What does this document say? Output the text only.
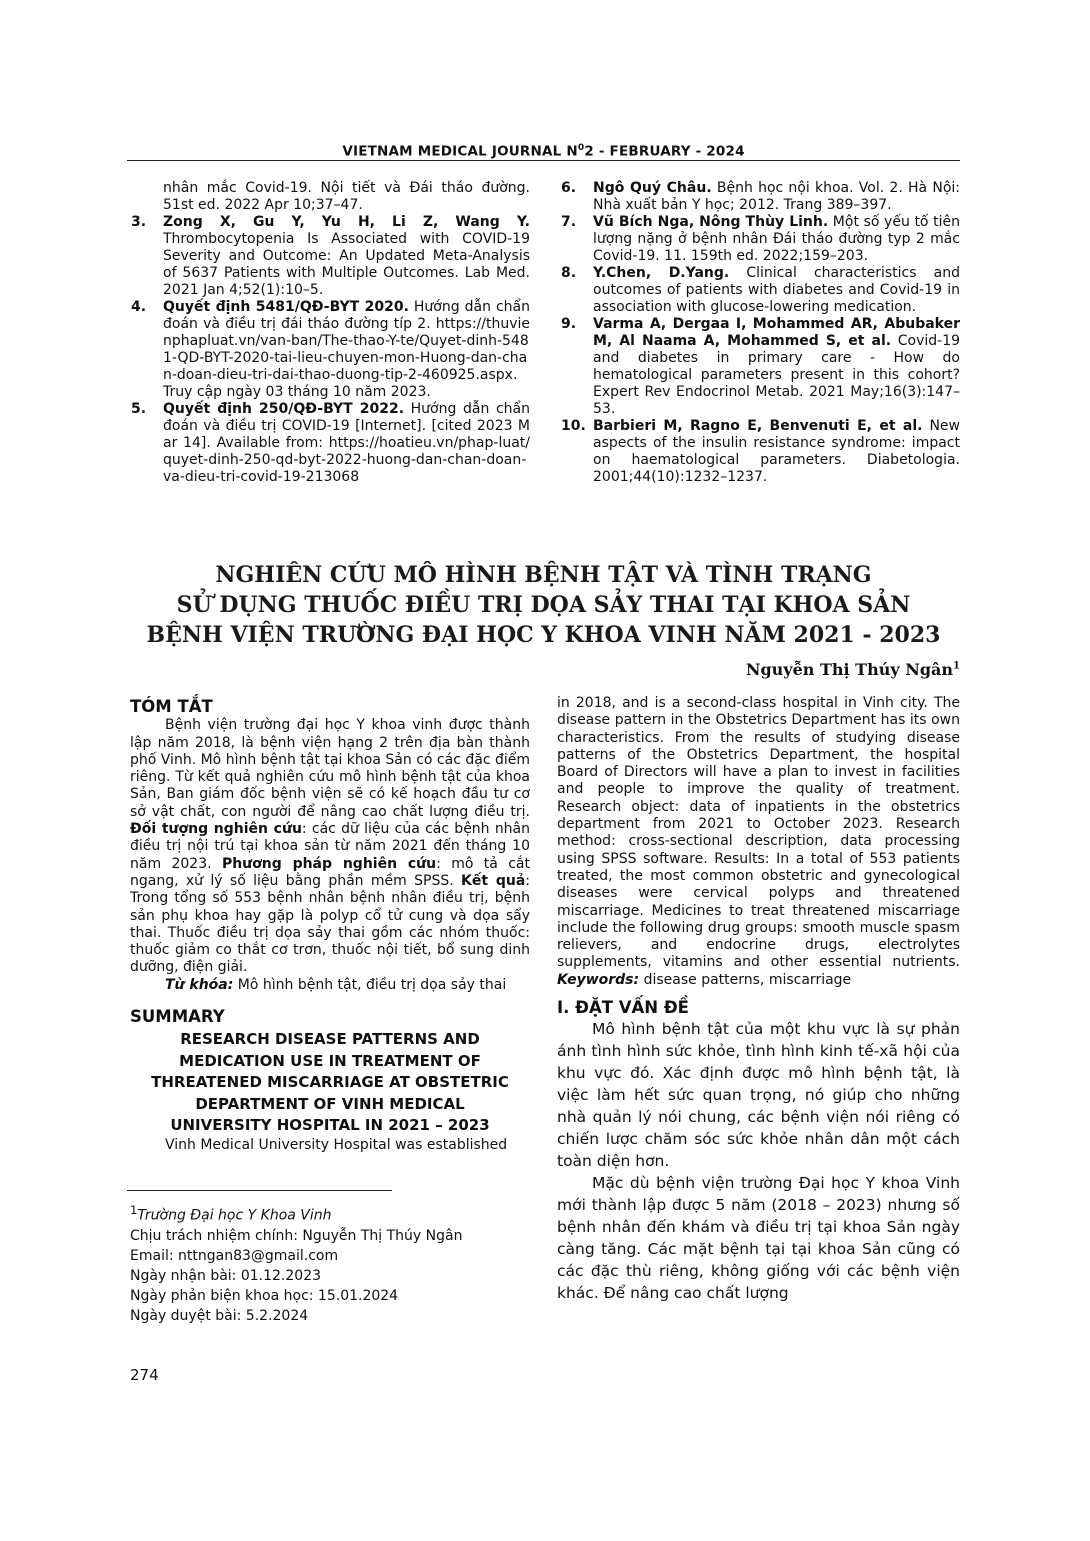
VIETNAM MEDICAL JOURNAL $N^02$ - FEBRUARY - 2024
nhân mắc Covid-19. Nội tiết và Đái tháo đường. 51st ed. 2022 Apr 10;37–47.
3. Zong X, Gu Y, Yu H, Li Z, Wang Y. Thrombocytopenia Is Associated with COVID-19 Severity and Outcome: An Updated Meta-Analysis of 5637 Patients with Multiple Outcomes. Lab Med. 2021 Jan 4;52(1):10–5.
4. Quyết định 5481/QĐ-BYT 2020. Hướng dẫn chẩn đoán và điều trị đái tháo đường típ 2. https://thuvienphapluat.vn/van-ban/The-thao-Y-te/Quyet-dinh-5481-QD-BYT-2020-tai-lieu-chuyen-mon-Huong-dan-chan-doan-dieu-tri-dai-thao-duong-tip-2-460925.aspx. Truy cập ngày 03 tháng 10 năm 2023.
5. Quyết định 250/QĐ-BYT 2022. Hướng dẫn chẩn đoán và điều trị COVID-19 [Internet]. [cited 2023 Mar 14]. Available from: https://hoatieu.vn/phap-luat/quyet-dinh-250-qd-byt-2022-huong-dan-chan-doan-va-dieu-tri-covid-19-213068
6. Ngô Quý Châu. Bệnh học nội khoa. Vol. 2. Hà Nội: Nhà xuất bản Y học; 2012. Trang 389–397.
7. Vũ Bích Nga, Nông Thùy Linh. Một số yếu tố tiên lượng nặng ở bệnh nhân Đái tháo đường typ 2 mắc Covid-19. 11. 159th ed. 2022;159–203.
8. Y.Chen, D.Yang. Clinical characteristics and outcomes of patients with diabetes and Covid-19 in association with glucose-lowering medication.
9. Varma A, Dergaa I, Mohammed AR, Abubaker M, Al Naama A, Mohammed S, et al. Covid-19 and diabetes in primary care - How do hematological parameters present in this cohort? Expert Rev Endocrinol Metab. 2021 May;16(3):147–53.
10. Barbieri M, Ragno E, Benvenuti E, et al. New aspects of the insulin resistance syndrome: impact on haematological parameters. Diabetologia. 2001;44(10):1232–1237.
NGHIÊN CỨU MÔ HÌNH BỆNH TẬT VÀ TÌNH TRẠNG
SỬ DỤNG THUỐC ĐIỀU TRỊ DỌA SẢY THAI TẠI KHOA SẢN
BỆNH VIỆN TRƯỜNG ĐẠI HỌC Y KHOA VINH NĂM 2021 - 2023
Nguyễn Thị Thúy Ngân$^1$
TÓM TẮT

Bệnh viện trường đại học Y khoa vinh được thành lập năm 2018, là bệnh viện hạng 2 trên địa bàn thành phố Vinh. Mô hình bệnh tật tại khoa Sản có các đặc điểm riêng. Từ kết quả nghiên cứu mô hình bệnh tật của khoa Sản, Ban giám đốc bệnh viện sẽ có kế hoạch đầu tư cơ sở vật chất, con người để nâng cao chất lượng điều trị. Đối tượng nghiên cứu: các dữ liệu của các bệnh nhân điều trị nội trú tại khoa sản từ năm 2021 đến tháng 10 năm 2023. Phương pháp nghiên cứu: mô tả cắt ngang, xử lý số liệu bằng phần mềm SPSS. Kết quả: Trong tổng số 553 bệnh nhân bệnh nhân điều trị, bệnh sản phụ khoa hay gặp là polyp cổ tử cung và dọa sẩy thai. Thuốc điều trị dọa sảy thai gồm các nhóm thuốc: thuốc giảm co thắt cơ trơn, thuốc nội tiết, bổ sung dinh dưỡng, điện giải.

Từ khóa: Mô hình bệnh tật, điều trị dọa sảy thai

SUMMARY
RESEARCH DISEASE PATTERNS AND
MEDICATION USE IN TREATMENT OF
THREATENED MISCARRIAGE AT OBSTETRIC
DEPARTMENT OF VINH MEDICAL
UNIVERSITY HOSPITAL IN 2021 – 2023

Vinh Medical University Hospital was established

in 2018, and is a second-class hospital in Vinh city. The disease pattern in the Obstetrics Department has its own characteristics. From the results of studying disease patterns of the Obstetrics Department, the hospital Board of Directors will have a plan to invest in facilities and people to improve the quality of treatment. Research object: data of inpatients in the obstetrics department from 2021 to October 2023. Research method: cross-sectional description, data processing using SPSS software. Results: In a total of 553 patients treated, the most common obstetric and gynecological diseases were cervical polyps and threatened miscarriage. Medicines to treat threatened miscarriage include the following drug groups: smooth muscle spasm relievers, and endocrine drugs, electrolytes supplements, vitamins and other essential nutrients. Keywords: disease patterns, miscarriage

I. ĐẶT VẤN ĐỀ

Mô hình bệnh tật của một khu vực là sự phản ánh tình hình sức khỏe, tình hình kinh tế-xã hội của khu vực đó. Xác định được mô hình bệnh tật, là việc làm hết sức quan trọng, nó giúp cho những nhà quản lý nói chung, các bệnh viện nói riêng có chiến lược chăm sóc sức khỏe nhân dân một cách toàn diện hơn.

Mặc dù bệnh viện trường Đại học Y khoa Vinh mới thành lập được 5 năm (2018 – 2023) nhưng số bệnh nhân đến khám và điều trị tại khoa Sản ngày càng tăng. Các mặt bệnh tại tại khoa Sản cũng có các đặc thù riêng, không giống với các bệnh viện khác. Để nâng cao chất lượng

$^1$Trường Đại học Y Khoa Vinh
Chịu trách nhiệm chính: Nguyễn Thị Thúy Ngân
Email: nttngan83@gmail.com
Ngày nhận bài: 01.12.2023
Ngày phản biện khoa học: 15.01.2024
Ngày duyệt bài: 5.2.2024
274
